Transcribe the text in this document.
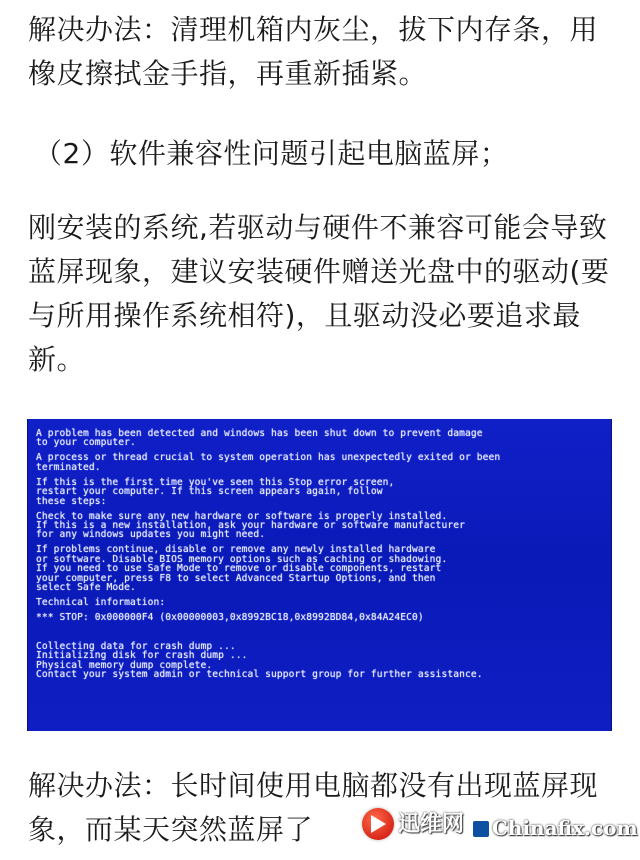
解决办法：清理机箱内灰尘，拔下内存条，用橡皮擦拭金手指，再重新插紧。

（2）软件兼容性问题引起电脑蓝屏；

刚安装的系统,若驱动与硬件不兼容可能会导致蓝屏现象，建议安装硬件赠送光盘中的驱动(要与所用操作系统相符)，且驱动没必要追求最新。

A problem has been detected and windows has been shut down to prevent damage
to your computer.
A process or thread crucial to system operation has unexpectedly exited or been
terminated.
If this is the first time you've seen this Stop error screen,
restart your computer. If this screen appears again, follow
these steps:
Check to make sure any new hardware or software is properly installed.
If this is a new installation, ask your hardware or software manufacturer
for any windows updates you might need.
If problems continue, disable or remove any newly installed hardware
or software. Disable BIOS memory options such as caching or shadowing.
If you need to use Safe Mode to remove or disable components, restart
your computer, press F8 to select Advanced Startup Options, and then
select Safe Mode.
Technical information:
*** STOP: 0x000000F4 (0x00000003,0x8992BC18,0x8992BD84,0x84A24EC0)
Collecting data for crash dump ...
Initializing disk for crash dump ...
Physical memory dump complete.
Contact your system admin or technical support group for further assistance.

解决办法：长时间使用电脑都没有出现蓝屏现象，而某天突然蓝屏了	迅维网 Chinafix.com
